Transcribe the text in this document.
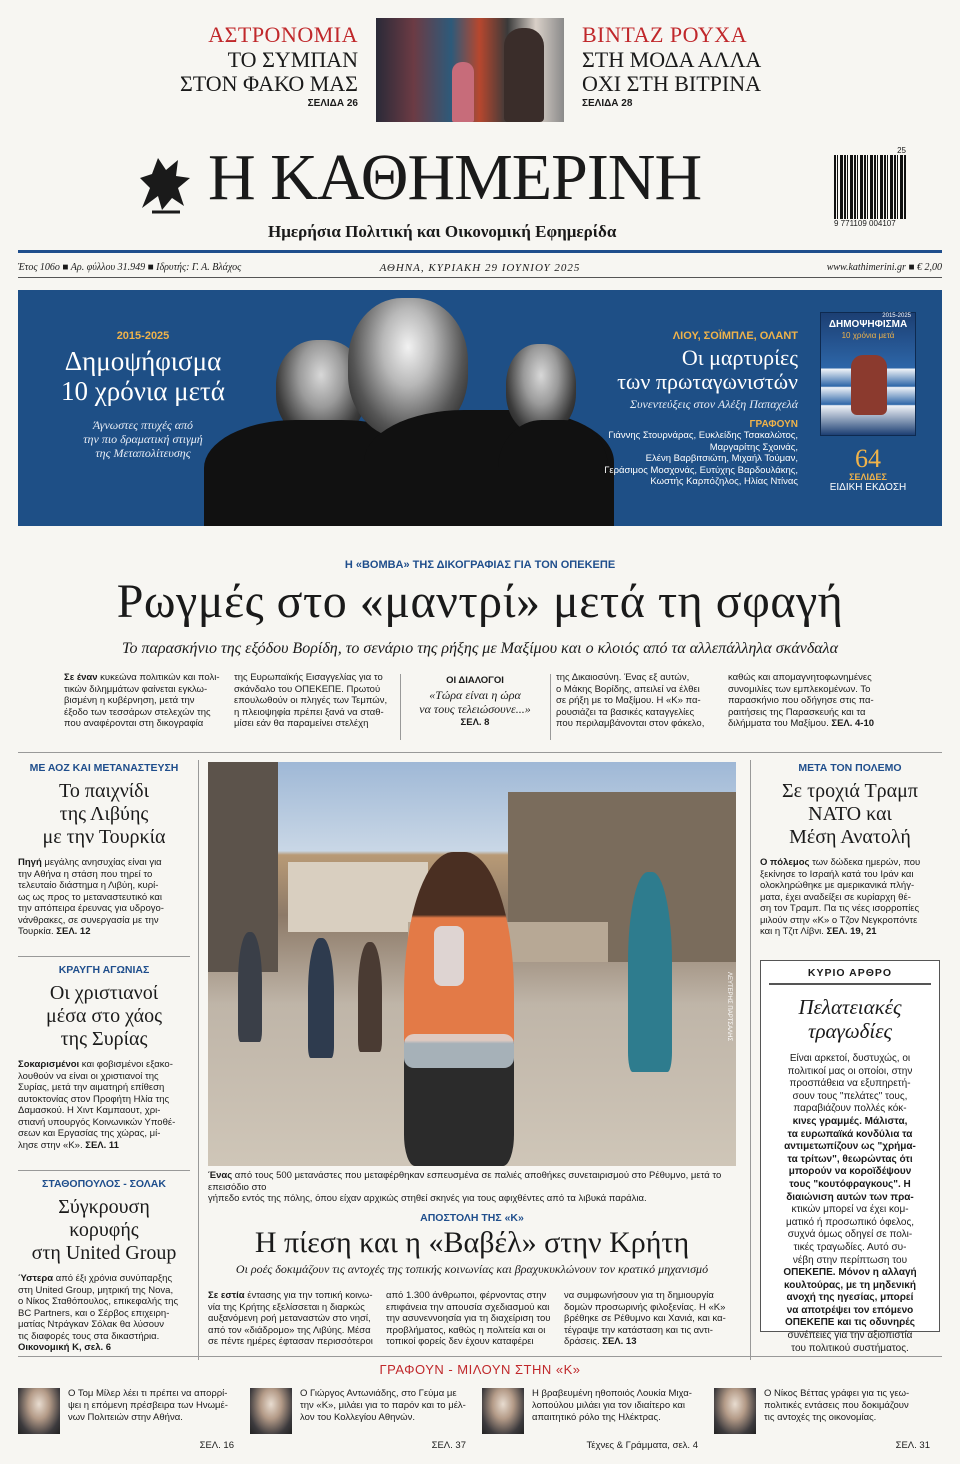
ΑΣΤΡΟΝΟΜΙΑ
ΤΟ ΣΥΜΠΑΝ
ΣΤΟΝ ΦΑΚΟ ΜΑΣ
ΣΕΛΙΔΑ 26
ΒΙΝΤΑΖ ΡΟΥΧΑ
ΣΤΗ ΜΟΔΑ ΑΛΛΑ
ΟΧΙ ΣΤΗ ΒΙΤΡΙΝΑ
ΣΕΛΙΔΑ 28
Η ΚΑΘΗΜΕΡΙΝΗ
Ημερήσια Πολιτική και Οικονομική Εφημερίδα
25
9 771109 004107
Έτος 106ο ■ Αρ. φύλλου 31.949 ■ Ιδρυτής: Γ. Α. Βλάχος	ΑΘΗΝΑ, ΚΥΡΙΑΚΗ 29 ΙΟΥΝΙΟΥ 2025	www.kathimerini.gr ■ € 2,00
2015-2025
Δημοψήφισμα
10 χρόνια μετά
Άγνωστες πτυχές από
την πιο δραματική στιγμή
της Μεταπολίτευσης
ΛΙΟΥ, ΣΟΪΜΠΛΕ, ΟΛΑΝΤ
Οι μαρτυρίες
των πρωταγωνιστών
Συνεντεύξεις στον Αλέξη Παπαχελά
ΓΡΑΦΟΥΝ
Γιάννης Στουρνάρας, Ευκλείδης Τσακαλώτος,
Μαργαρίτης Σχοινάς,
Ελένη Βαρβιτσιώτη, Μιχαήλ Τούμαν,
Γεράσιμος Μοσχονάς, Ευτύχης Βαρδουλάκης,
Κωστής Καρπόζηλος, Ηλίας Ντίνας
ΔΗΜΟΨΗΦΙΣΜΑ
10 χρόνια μετά
2015-2025
64
ΣΕΛΙΔΕΣ
ΕΙΔΙΚΗ ΕΚΔΟΣΗ
Η «ΒΟΜΒΑ» ΤΗΣ ΔΙΚΟΓΡΑΦΙΑΣ ΓΙΑ ΤΟΝ ΟΠΕΚΕΠΕ
Ρωγμές στο «μαντρί» μετά τη σφαγή
Το παρασκήνιο της εξόδου Βορίδη, το σενάριο της ρήξης με Μαξίμου και ο κλοιός από τα αλλεπάλληλα σκάνδαλα
Σε έναν κυκεώνα πολιτικών και πολι-
τικών διλημμάτων φαίνεται εγκλω-
βισμένη η κυβέρνηση, μετά την
έξοδο των τεσσάρων στελεχών της
που αναφέρονται στη δικογραφία
της Ευρωπαϊκής Εισαγγελίας για το
σκάνδαλο του ΟΠΕΚΕΠΕ. Πρωτού
επουλωθούν οι πληγές των Τεμπών,
η πλειοψηφία πρέπει ξανά να σταθ-
μίσει εάν θα παραμείνει στελέχη
ΟΙ ΔΙΑΛΟΓΟΙ
«Τώρα είναι η ώρα
να τους τελειώσουνε...»
ΣΕΛ. 8
της Δικαιοσύνη. Ένας εξ αυτών,
ο Μάκης Βορίδης, απειλεί να έλθει
σε ρήξη με το Μαξίμου. Η «Κ» πα-
ρουσιάζει τα βασικές καταγγελίες
που περιλαμβάνονται στον φάκελο,
καθώς και απομαγνητοφωνημένες
συνομιλίες των εμπλεκομένων. Το
παρασκήνιο που οδήγησε στις πα-
ραιτήσεις της Παρασκευής και τα
διλήμματα του Μαξίμου. ΣΕΛ. 4-10
ΜΕ ΑΟΖ ΚΑΙ ΜΕΤΑΝΑΣΤΕΥΣΗ
Το παιχνίδι
της Λιβύης
με την Τουρκία
Πηγή μεγάλης ανησυχίας είναι για
την Αθήνα η στάση που τηρεί το
τελευταίο διάστημα η Λιβύη, κυρί-
ως ως προς το μεταναστευτικό και
την απόπειρα έρευνας για υδρογο-
νάνθρακες, σε συνεργασία με την
Τουρκία. ΣΕΛ. 12
ΚΡΑΥΓΗ ΑΓΩΝΙΑΣ
Οι χριστιανοί
μέσα στο χάος
της Συρίας
Σοκαρισμένοι και φοβισμένοι εξακο-
λουθούν να είναι οι χριστιανοί της
Συρίας, μετά την αιματηρή επίθεση
αυτοκτονίας στον Προφήτη Ηλία της
Δαμασκού. Η Χιντ Καμπαουτ, χρι-
στιανή υπουργός Κοινωνικών Υποθέ-
σεων και Εργασίας της χώρας, μί-
λησε στην «Κ». ΣΕΛ. 11
ΣΤΑΘΟΠΟΥΛΟΣ - ΣΟΛΑΚ
Σύγκρουση
κορυφής
στη United Group
Ύστερα από έξι χρόνια συνύπαρξης
στη United Group, μητρική της Nova,
ο Νίκος Σταθόπουλος, επικεφαλής της
BC Partners, και ο Σέρβος επιχειρη-
ματίας Ντράγκαν Σόλακ θα λύσουν
τις διαφορές τους στα δικαστήρια.
Οικονομική Κ, σελ. 6
ΛΕΥΤΕΡΗΣ ΠΑΡΤΣΑΛΗΣ
Ένας από τους 500 μετανάστες που μεταφέρθηκαν εσπευσμένα σε παλιές αποθήκες συνεταιρισμού στο Ρέθυμνο, μετά το επεισόδιο στο
γήπεδο εντός της πόλης, όπου είχαν αρχικώς στηθεί σκηνές για τους αφιχθέντες από τα λιβυκά παράλια.
ΜΕΤΑ ΤΟΝ ΠΟΛΕΜΟ
Σε τροχιά Τραμπ
ΝΑΤΟ και
Μέση Ανατολή
Ο πόλεμος των δώδεκα ημερών, που
ξεκίνησε το Ισραήλ κατά του Ιράν και
ολοκληρώθηκε με αμερικανικά πλήγ-
ματα, έχει αναδείξει σε κυρίαρχη θέ-
ση τον Τραμπ. Πα τις νέες ισορροπίες
μιλούν στην «Κ» ο Τζον Νεγκροπόντε
και η Τζιτ Λίβνι. ΣΕΛ. 19, 21
ΚΥΡΙΟ ΑΡΘΡΟ
Πελατειακές
τραγωδίες
Είναι αρκετοί, δυστυχώς, οι
πολιτικοί μας οι οποίοι, στην
προσπάθεια να εξυπηρετή-
σουν τους "πελάτες" τους,
παραβιάζουν πολλές κόκ-
κινες γραμμές. Μάλιστα,
τα ευρωπαϊκά κονδύλια τα
αντιμετωπίζουν ως "χρήμα-
τα τρίτων", θεωρώντας ότι
μπορούν να κοροϊδέψουν
τους "κουτόφραγκους". Η
διαιώνιση αυτών των πρα-
κτικών μπορεί να έχει κομ-
ματικό ή προσωπικό όφελος,
συχνά όμως οδηγεί σε πολι-
τικές τραγωδίες. Αυτό συ-
νέβη στην περίπτωση του
ΟΠΕΚΕΠΕ. Μόνον η αλλαγή
κουλτούρας, με τη μηδενική
ανοχή της ηγεσίας, μπορεί
να αποτρέψει τον επόμενο
ΟΠΕΚΕΠΕ και τις οδυνηρές
συνέπειες για την αξιοπιστία
του πολιτικού συστήματος.
ΑΠΟΣΤΟΛΗ ΤΗΣ «Κ»
Η πίεση και η «Βαβέλ» στην Κρήτη
Οι ροές δοκιμάζουν τις αντοχές της τοπικής κοινωνίας και βραχυκυκλώνουν τον κρατικό μηχανισμό
Σε εστία έντασης για την τοπική κοινω-
νία της Κρήτης εξελίσσεται η διαρκώς
αυξανόμενη ροή μεταναστών στο νησί,
από τον «διάδρομο» της Λιβύης. Μέσα
σε πέντε ημέρες έφτασαν περισσότεροι
από 1.300 άνθρωποι, φέρνοντας στην
επιφάνεια την απουσία σχεδιασμού και
την ασυνεννοησία για τη διαχείριση του
προβλήματος, καθώς η πολιτεία και οι
τοπικοί φορείς δεν έχουν καταφέρει
να συμφωνήσουν για τη δημιουργία
δομών προσωρινής φιλοξενίας. Η «Κ»
βρέθηκε σε Ρέθυμνο και Χανιά, και κα-
τέγραψε την κατάσταση και τις αντι-
δράσεις. ΣΕΛ. 13
ΓΡΑΦΟΥΝ - ΜΙΛΟΥΝ ΣΤΗΝ «Κ»
Ο Τομ Μίλερ λέει τι πρέπει να απορρί-
ψει η επόμενη πρέσβειρα των Ηνωμέ-
νων Πολιτειών στην Αθήνα.
ΣΕΛ. 16
Ο Γιώργος Αντωνιάδης, στο Γεύμα με
την «Κ», μιλάει για το παρόν και το μέλ-
λον του Κολλεγίου Αθηνών.
ΣΕΛ. 37
Η βραβευμένη ηθοποιός Λουκία Μιχα-
λοπούλου μιλάει για τον ιδιαίτερο και
απαιτητικό ρόλο της Ηλέκτρας.
Τέχνες & Γράμματα, σελ. 4
Ο Νίκος Βέττας γράφει για τις γεω-
πολιτικές εντάσεις που δοκιμάζουν
τις αντοχές της οικονομίας.
ΣΕΛ. 31
